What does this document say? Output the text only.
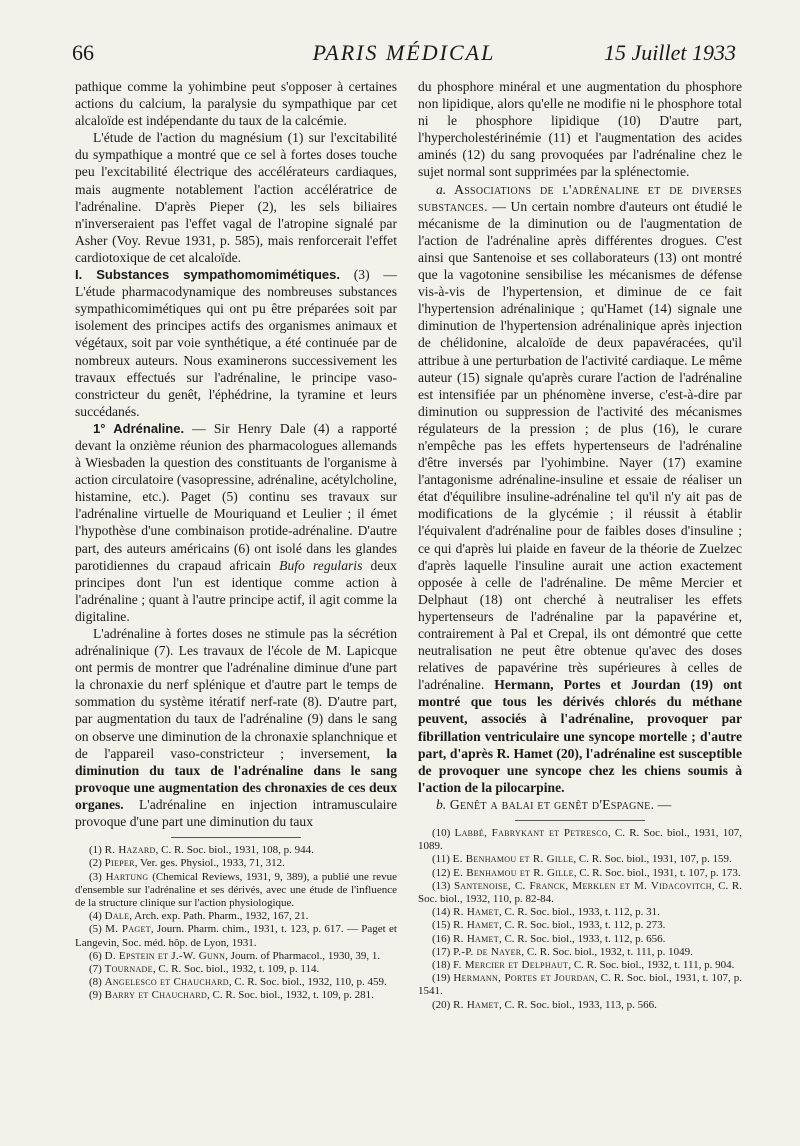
66	PARIS MÉDICAL	15 Juillet 1933

pathique comme la yohimbine peut s'opposer à certaines actions du calcium, la paralysie du sympathique par cet alcaloïde est indépendante du taux de la calcémie.

L'étude de l'action du magnésium (1) sur l'excitabilité du sympathique a montré que ce sel à fortes doses touche peu l'excitabilité électrique des accélérateurs cardiaques, mais augmente notablement l'action accélératrice de l'adrénaline. D'après Pieper (2), les sels biliaires n'inverseraient pas l'effet vagal de l'atropine signalé par Asher (Voy. Revue 1931, p. 585), mais renforcerait l'effet cardiotoxique de cet alcaloïde.

I. Substances sympathomomimétiques. (3) — L'étude pharmacodynamique des nombreuses substances sympathicomimétiques qui ont pu être préparées soit par isolement des principes actifs des organismes animaux et végétaux, soit par voie synthétique, a été continuée par de nombreux auteurs. Nous examinerons successivement les travaux effectués sur l'adrénaline, le principe vaso-constricteur du genêt, l'éphédrine, la tyramine et leurs succédanés.

1° Adrénaline. — Sir Henry Dale (4) a rapporté devant la onzième réunion des pharmacologues allemands à Wiesbaden la question des constituants de l'organisme à action circulatoire (vasopressine, adrénaline, acétylcholine, histamine, etc.). Paget (5) continu ses travaux sur l'adrénaline virtuelle de Mouriquand et Leulier ; il émet l'hypothèse d'une combinaison protide-adrénaline. D'autre part, des auteurs américains (6) ont isolé dans les glandes parotidiennes du crapaud africain Bufo regularis deux principes dont l'un est identique comme action à l'adrénaline ; quant à l'autre principe actif, il agit comme la digitaline.

L'adrénaline à fortes doses ne stimule pas la sécrétion adrénalinique (7). Les travaux de l'école de M. Lapicque ont permis de montrer que l'adrénaline diminue d'une part la chronaxie du nerf splénique et d'autre part le temps de sommation du système itératif nerf-rate (8). D'autre part, par augmentation du taux de l'adrénaline (9) dans le sang on observe une diminution de la chronaxie splanchnique et de l'appareil vaso-constricteur ; inversement, la diminution du taux de l'adrénaline dans le sang provoque une augmentation des chronaxies de ces deux organes. L'adrénaline en injection intramusculaire provoque d'une part une diminution du taux

(1) R. Hazard, C. R. Soc. biol., 1931, 108, p. 944.

(2) Pieper, Ver. ges. Physiol., 1933, 71, 312.

(3) Hartung (Chemical Reviews, 1931, 9, 389), a publié une revue d'ensemble sur l'adrénaline et ses dérivés, avec une étude de l'influence de la structure clinique sur l'action physiologique.

(4) Dale, Arch. exp. Path. Pharm., 1932, 167, 21.

(5) M. Paget, Journ. Pharm. chim., 1931, t. 123, p. 617. — Paget et Langevin, Soc. méd. hôp. de Lyon, 1931.

(6) D. Epstein et J.-W. Gunn, Journ. of Pharmacol., 1930, 39, 1.

(7) Tournade, C. R. Soc. biol., 1932, t. 109, p. 114.

(8) Angelesco et Chauchard, C. R. Soc. biol., 1932, 110, p. 459.

(9) Barry et Chauchard, C. R. Soc. biol., 1932, t. 109, p. 281.

du phosphore minéral et une augmentation du phosphore non lipidique, alors qu'elle ne modifie ni le phosphore total ni le phosphore lipidique (10) D'autre part, l'hypercholestérinémie (11) et l'augmentation des acides aminés (12) du sang provoquées par l'adrénaline chez le sujet normal sont supprimées par la splénectomie.

a. Associations de l'adrénaline et de diverses substances. — Un certain nombre d'auteurs ont étudié le mécanisme de la diminution ou de l'augmentation de l'action de l'adrénaline après différentes drogues. C'est ainsi que Santenoise et ses collaborateurs (13) ont montré que la vagotonine sensibilise les mécanismes de défense vis-à-vis de l'hypertension, et diminue de ce fait l'hypertension adrénalinique ; qu'Hamet (14) signale une diminution de l'hypertension adrénalinique après injection de chélidonine, alcaloïde de deux papavéracées, qu'il attribue à une perturbation de l'activité cardiaque. Le même auteur (15) signale qu'après curare l'action de l'adrénaline est intensifiée par un phénomène inverse, c'est-à-dire par diminution ou suppression de l'activité des mécanismes régulateurs de la pression ; de plus (16), le curare n'empêche pas les effets hypertenseurs de l'adrénaline d'être inversés par l'yohimbine. Nayer (17) examine l'antagonisme adrénaline-insuline et essaie de réaliser un état d'équilibre insuline-adrénaline tel qu'il n'y ait pas de modifications de la glycémie ; il réussit à établir l'équivalent d'adrénaline pour de faibles doses d'insuline ; ce qui d'après lui plaide en faveur de la théorie de Zuelzec d'après laquelle l'insuline aurait une action exactement opposée à celle de l'adrénaline. De même Mercier et Delphaut (18) ont cherché à neutraliser les effets hypertenseurs de l'adrénaline par la papavérine et, contrairement à Pal et Crepal, ils ont démontré que cette neutralisation ne peut être obtenue qu'avec des doses relatives de papavérine très supérieures à celles de l'adrénaline. Hermann, Portes et Jourdan (19) ont montré que tous les dérivés chlorés du méthane peuvent, associés à l'adrénaline, provoquer par fibrillation ventriculaire une syncope mortelle ; d'autre part, d'après R. Hamet (20), l'adrénaline est susceptible de provoquer une syncope chez les chiens soumis à l'action de la pilocarpine.

b. Genêt a balai et genêt d'Espagne. —

(10) Labbé, Fabrykant et Petresco, C. R. Soc. biol., 1931, 107, 1089.

(11) E. Benhamou et R. Gille, C. R. Soc. biol., 1931, 107, p. 159.

(12) E. Benhamou et R. Gille, C. R. Soc. biol., 1931, t. 107, p. 173.

(13) Santenoise, C. Franck, Merklen et M. Vidacovitch, C. R. Soc. biol., 1932, 110, p. 82-84.

(14) R. Hamet, C. R. Soc. biol., 1933, t. 112, p. 31.

(15) R. Hamet, C. R. Soc. biol., 1933, t. 112, p. 273.

(16) R. Hamet, C. R. Soc. biol., 1933, t. 112, p. 656.

(17) P.-P. de Nayer, C. R. Soc. biol., 1932, t. 111, p. 1049.

(18) F. Mercier et Delphaut, C. R. Soc. biol., 1932, t. 111, p. 904.

(19) Hermann, Portes et Jourdan, C. R. Soc. biol., 1931, t. 107, p. 1541.

(20) R. Hamet, C. R. Soc. biol., 1933, 113, p. 566.
